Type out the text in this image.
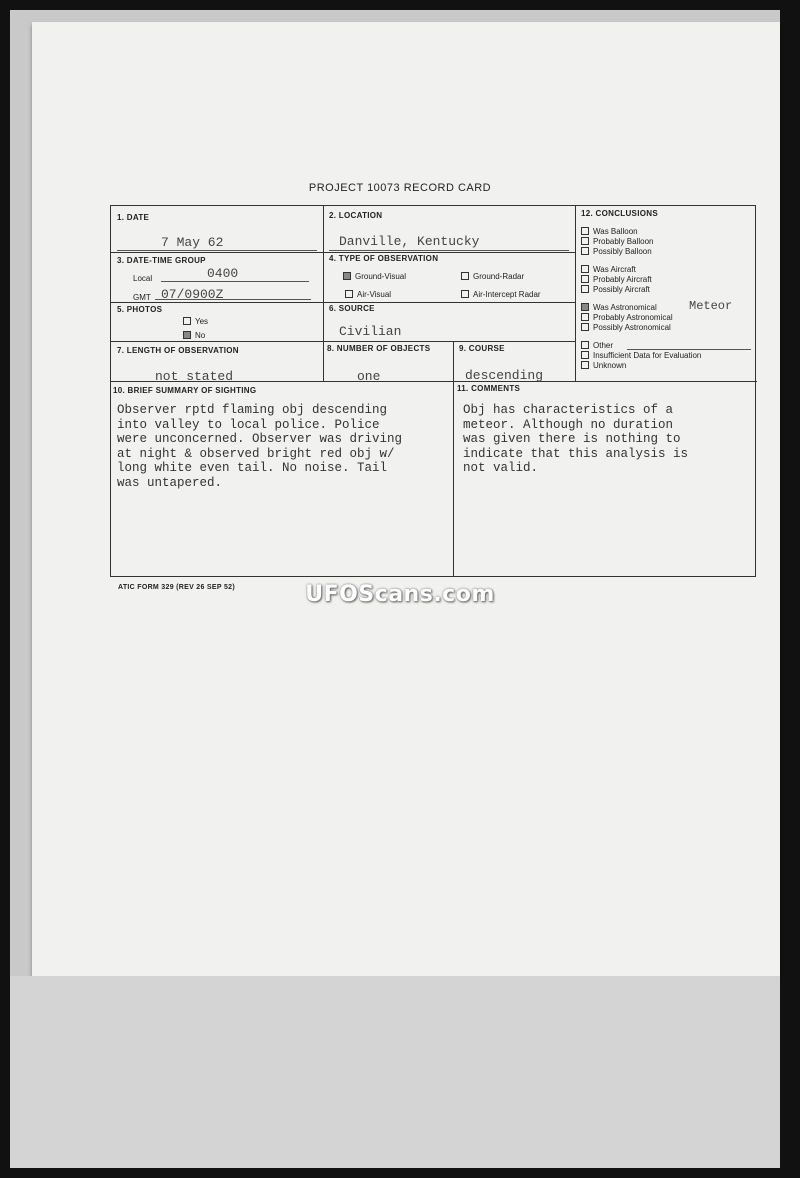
PROJECT 10073 RECORD CARD
1. DATE
7 May 62
2. LOCATION
Danville, Kentucky
3. DATE-TIME GROUP
Local	0400
GMT 07/0900Z
4. TYPE OF OBSERVATION
Ground-Visual	Ground-Radar
Air-Visual	Air-Intercept Radar
5. PHOTOS
Yes
No
6. SOURCE
Civilian
7. LENGTH OF OBSERVATION
not stated
8. NUMBER OF OBJECTS
one
9. COURSE
descending
10. BRIEF SUMMARY OF SIGHTING
Observer rptd flaming obj descending
into valley to local police. Police
were unconcerned. Observer was driving
at night & observed bright red obj w/
long white even tail. No noise. Tail
was untapered.
11. COMMENTS
Obj has characteristics of a
meteor. Although no duration
was given there is nothing to
indicate that this analysis is
not valid.
12. CONCLUSIONS
Was Balloon
Probably Balloon
Possibly Balloon
Was Aircraft
Probably Aircraft
Possibly Aircraft
Was Astronomical	Meteor
Probably Astronomical
Possibly Astronomical
Other
Insufficient Data for Evaluation
Unknown
ATIC FORM 329 (REV 26 SEP 52)	UFOScans.com
